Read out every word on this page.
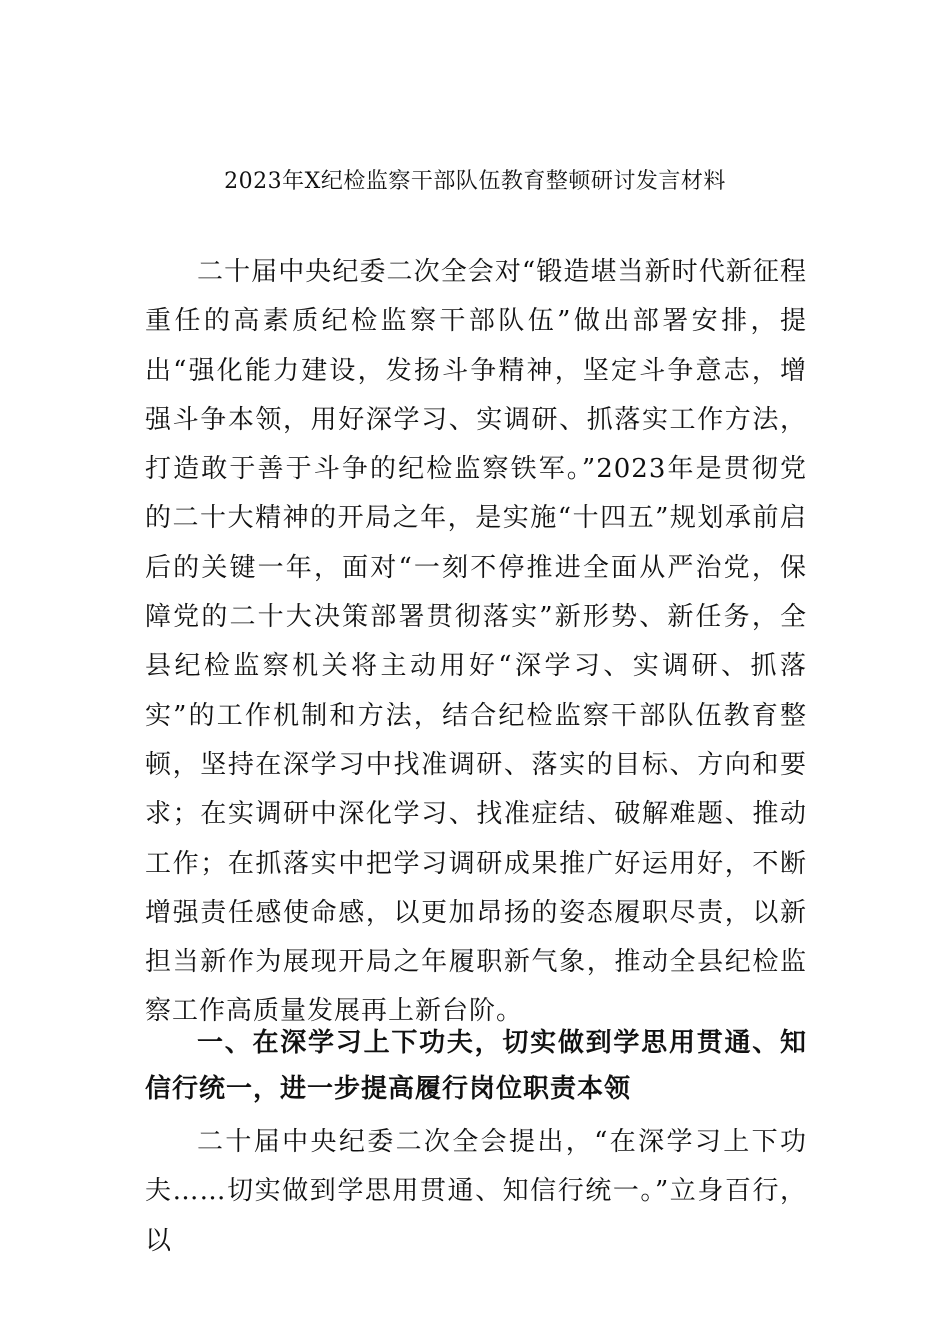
2023年X纪检监察干部队伍教育整顿研讨发言材料

二十届中央纪委二次全会对“锻造堪当新时代新征程重任的高素质纪检监察干部队伍”做出部署安排，提出“强化能力建设，发扬斗争精神，坚定斗争意志，增强斗争本领，用好深学习、实调研、抓落实工作方法，打造敢于善于斗争的纪检监察铁军。”2023年是贯彻党的二十大精神的开局之年，是实施“十四五”规划承前启后的关键一年，面对“一刻不停推进全面从严治党，保障党的二十大决策部署贯彻落实”新形势、新任务，全县纪检监察机关将主动用好“深学习、实调研、抓落实”的工作机制和方法，结合纪检监察干部队伍教育整顿，坚持在深学习中找准调研、落实的目标、方向和要求；在实调研中深化学习、找准症结、破解难题、推动工作；在抓落实中把学习调研成果推广好运用好，不断增强责任感使命感，以更加昂扬的姿态履职尽责，以新担当新作为展现开局之年履职新气象，推动全县纪检监察工作高质量发展再上新台阶。

一、在深学习上下功夫，切实做到学思用贯通、知信行统一，进一步提高履行岗位职责本领

二十届中央纪委二次全会提出，“在深学习上下功夫……切实做到学思用贯通、知信行统一。”立身百行，以
